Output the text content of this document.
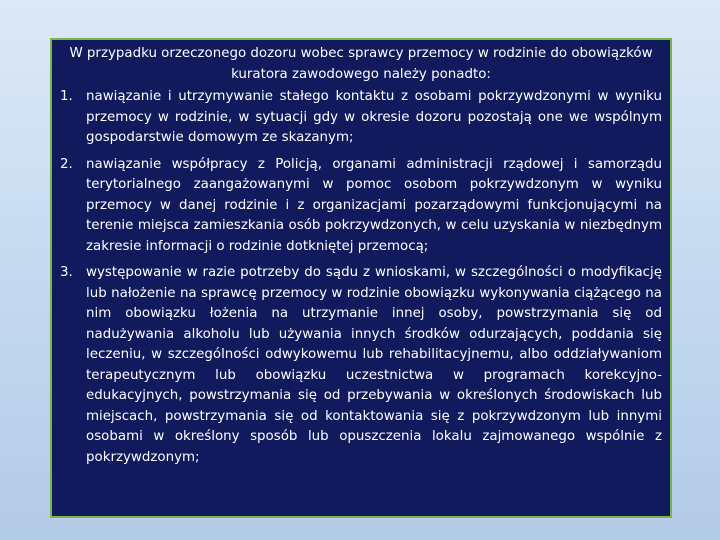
W przypadku orzeczonego dozoru wobec sprawcy przemocy w rodzinie do obowiązków kuratora zawodowego należy ponadto:

1. nawiązanie i utrzymywanie stałego kontaktu z osobami pokrzywdzonymi w wyniku przemocy w rodzinie, w sytuacji gdy w okresie dozoru pozostają one we wspólnym gospodarstwie domowym ze skazanym;
2. nawiązanie współpracy z Policją, organami administracji rządowej i samorządu terytorialnego zaangażowanymi w pomoc osobom pokrzywdzonym w wyniku przemocy w danej rodzinie i z organizacjami pozarządowymi funkcjonującymi na terenie miejsca zamieszkania osób pokrzywdzonych, w celu uzyskania w niezbędnym zakresie informacji o rodzinie dotkniętej przemocą;
3. występowanie w razie potrzeby do sądu z wnioskami, w szczególności o modyfikację lub nałożenie na sprawcę przemocy w rodzinie obowiązku wykonywania ciążącego na nim obowiązku łożenia na utrzymanie innej osoby, powstrzymania się od nadużywania alkoholu lub używania innych środków odurzających, poddania się leczeniu, w szczególności odwykowemu lub rehabilitacyjnemu, albo oddziaływaniom terapeutycznym lub obowiązku uczestnictwa w programach korekcyjno-edukacyjnych, powstrzymania się od przebywania w określonych środowiskach lub miejscach, powstrzymania się od kontaktowania się z pokrzywdzonym lub innymi osobami w określony sposób lub opuszczenia lokalu zajmowanego wspólnie z pokrzywdzonym;
